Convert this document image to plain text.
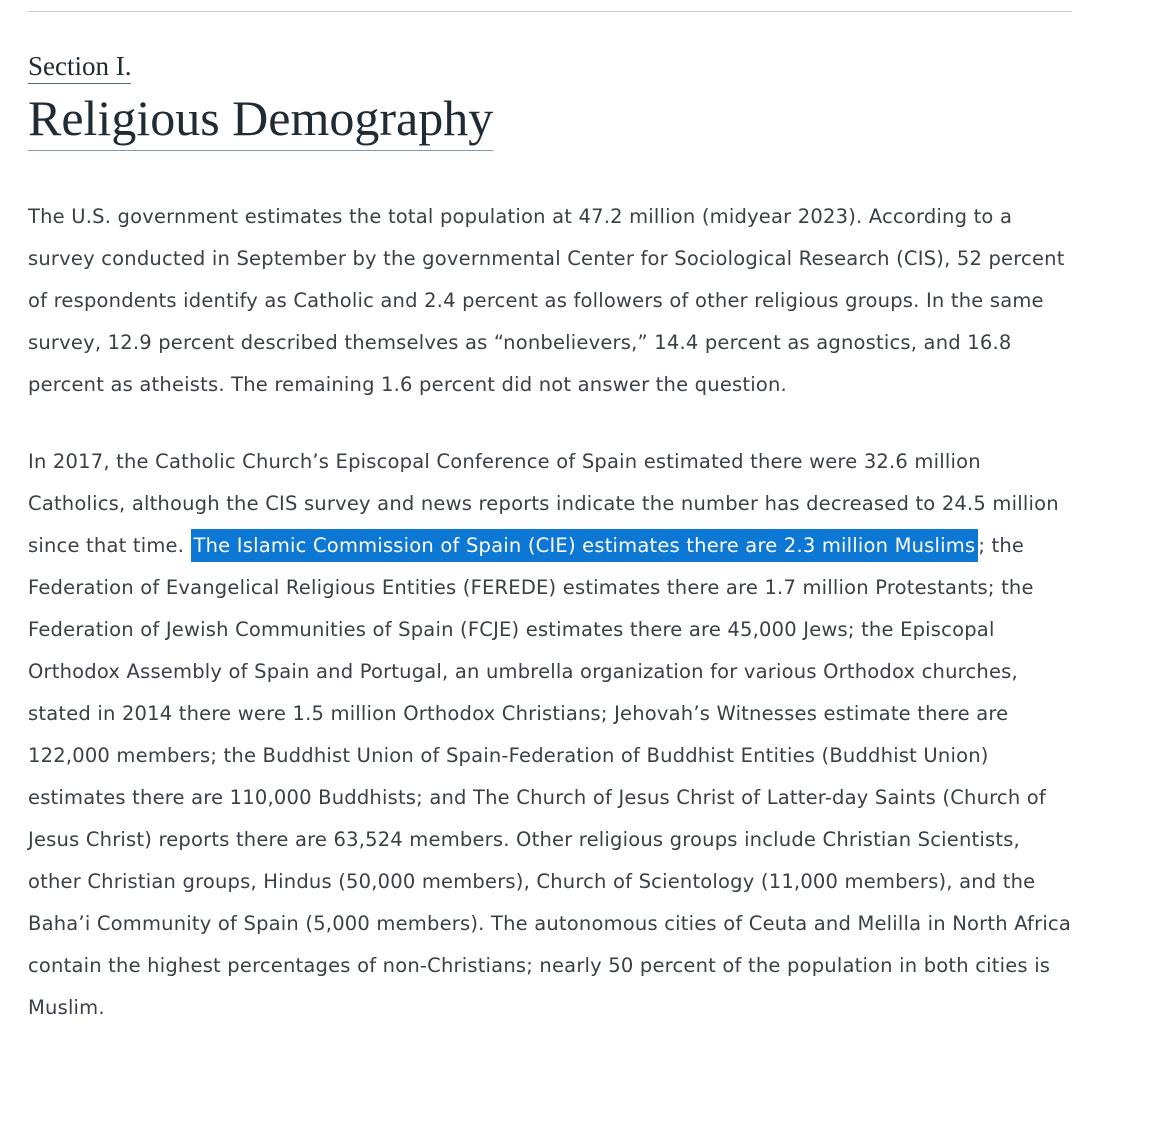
Section I.
Religious Demography

The U.S. government estimates the total population at 47.2 million (midyear 2023). According to a survey conducted in September by the governmental Center for Sociological Research (CIS), 52 percent of respondents identify as Catholic and 2.4 percent as followers of other religious groups. In the same survey, 12.9 percent described themselves as “nonbelievers,” 14.4 percent as agnostics, and 16.8 percent as atheists. The remaining 1.6 percent did not answer the question.

In 2017, the Catholic Church’s Episcopal Conference of Spain estimated there were 32.6 million Catholics, although the CIS survey and news reports indicate the number has decreased to 24.5 million since that time. The Islamic Commission of Spain (CIE) estimates there are 2.3 million Muslims ; the Federation of Evangelical Religious Entities (FEREDE) estimates there are 1.7 million Protestants; the Federation of Jewish Communities of Spain (FCJE) estimates there are 45,000 Jews; the Episcopal Orthodox Assembly of Spain and Portugal, an umbrella organization for various Orthodox churches, stated in 2014 there were 1.5 million Orthodox Christians; Jehovah’s Witnesses estimate there are 122,000 members; the Buddhist Union of Spain-Federation of Buddhist Entities (Buddhist Union) estimates there are 110,000 Buddhists; and The Church of Jesus Christ of Latter-day Saints (Church of Jesus Christ) reports there are 63,524 members. Other religious groups include Christian Scientists, other Christian groups, Hindus (50,000 members), Church of Scientology (11,000 members), and the Baha’i Community of Spain (5,000 members). The autonomous cities of Ceuta and Melilla in North Africa contain the highest percentages of non-Christians; nearly 50 percent of the population in both cities is Muslim.
